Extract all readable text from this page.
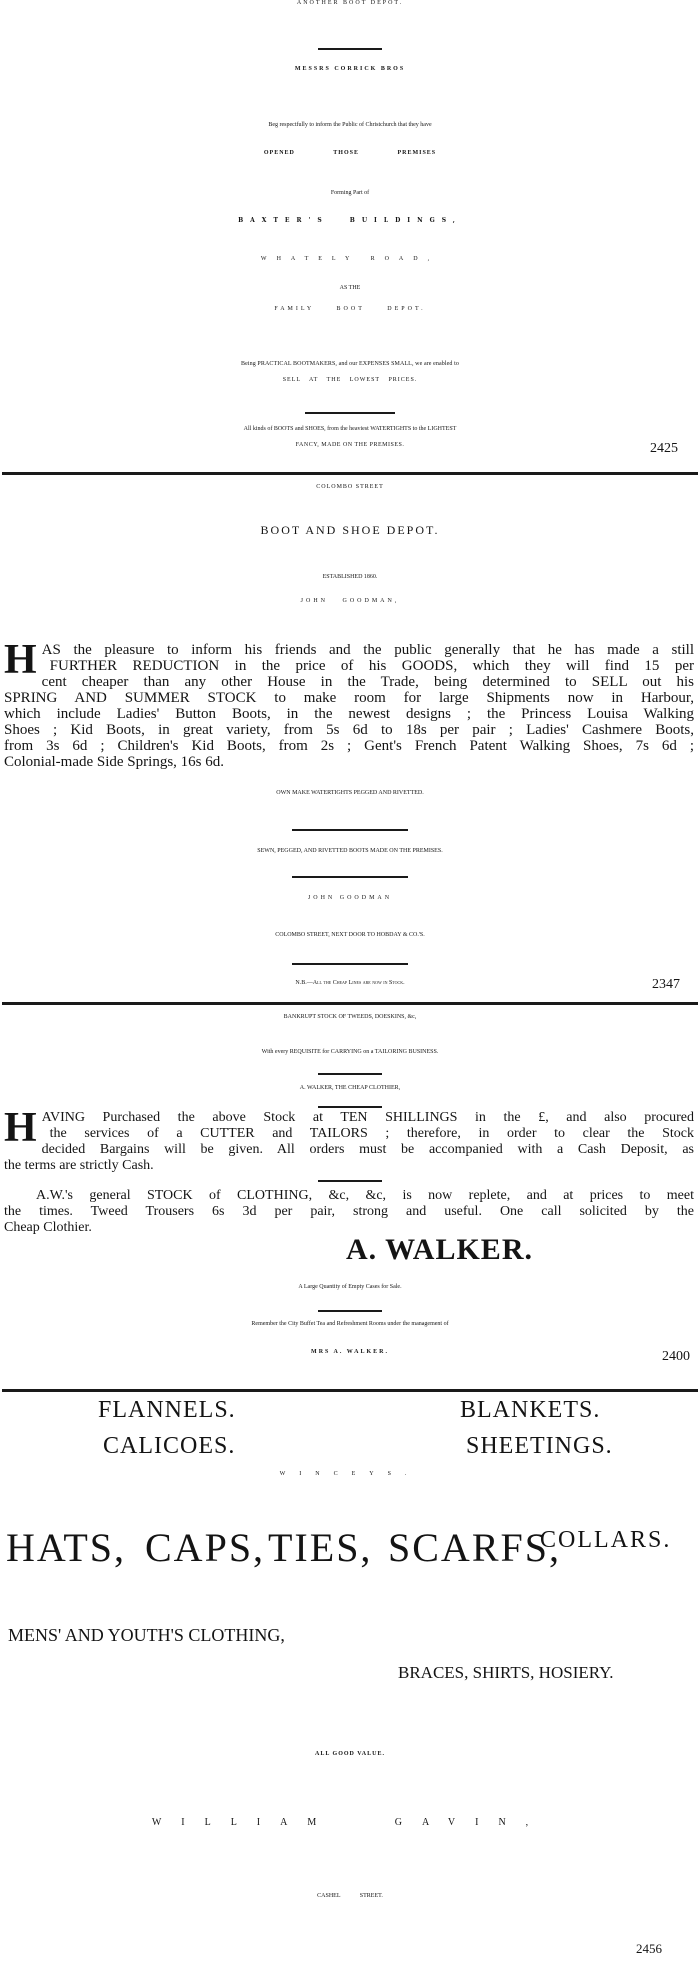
ANOTHER BOOT DEPOT.
MESSRS CORRICK BROS
Beg respectfully to inform the Public of Christchurch that they have
OPENED THOSE PREMISES
Forming Part of
BAXTER'S BUILDINGS,
WHATELY ROAD,
AS THE
FAMILY BOOT DEPOT.
Being PRACTICAL BOOTMAKERS, and our EXPENSES SMALL, we are enabled to
SELL AT THE LOWEST PRICES.
All kinds of BOOTS and SHOES, from the heaviest WATERTIGHTS to the LIGHTEST
FANCY, MADE ON THE PREMISES.	2425
COLOMBO STREET
BOOT AND SHOE DEPOT.
ESTABLISHED 1860.
JOHN GOODMAN,
H AS the pleasure to inform his friends and the public generally that he has made a still
FURTHER REDUCTION in the price of his GOODS, which they will find 15 per
cent cheaper than any other House in the Trade, being determined to SELL out his
SPRING AND SUMMER STOCK to make room for large Shipments now in Harbour,
which include Ladies' Button Boots, in the newest designs ; the Princess Louisa Walking
Shoes ; Kid Boots, in great variety, from 5s 6d to 18s per pair ; Ladies' Cashmere Boots,
from 3s 6d ; Children's Kid Boots, from 2s ; Gent's French Patent Walking Shoes, 7s 6d ;
Colonial-made Side Springs, 16s 6d.
OWN MAKE WATERTIGHTS PEGGED AND RIVETTED.
SEWN, PEGGED, AND RIVETTED BOOTS MADE ON THE PREMISES.
JOHN GOODMAN
COLOMBO STREET, NEXT DOOR TO HOBDAY & CO.'S.
N.B.—All the Cheap Lines are now in Stock.	2347
BANKRUPT STOCK OF TWEEDS, DOESKINS, &c,
With every REQUISITE for CARRYING on a TAILORING BUSINESS.
A. WALKER, THE CHEAP CLOTHIER,
H AVING Purchased the above Stock at TEN SHILLINGS in the £, and also procured
the services of a CUTTER and TAILORS ; therefore, in order to clear the Stock
decided Bargains will be given. All orders must be accompanied with a Cash Deposit, as
the terms are strictly Cash.
A.W.'s general STOCK of CLOTHING, &c, &c, is now replete, and at prices to meet
the times. Tweed Trousers 6s 3d per pair, strong and useful. One call solicited by the
Cheap Clothier.
A. WALKER.
A Large Quantity of Empty Cases for Sale.
Remember the City Buffet Tea and Refreshment Rooms under the management of
MRS A. WALKER.	2400
FLANNELS.	BLANKETS.
CALICOES.	SHEETINGS.
WINCEYS.
HATS, CAPS, TIES, SCARFS,
COLLARS.
MENS' AND YOUTH'S CLOTHING,
BRACES, SHIRTS, HOSIERY.
ALL GOOD VALUE.
WILLIAM GAVIN,
CASHEL STREET.
2456
